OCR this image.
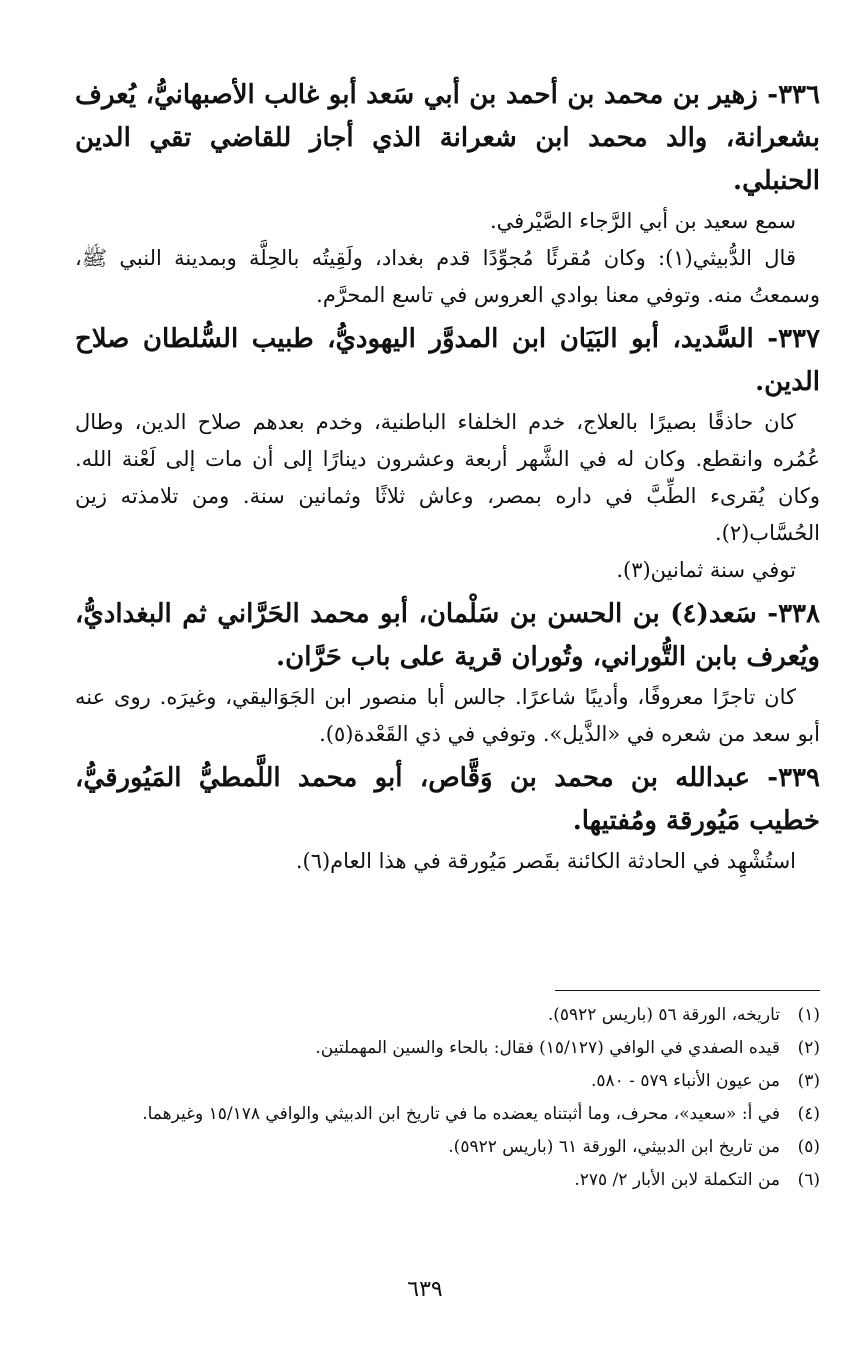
٣٣٦- زهير بن محمد بن أحمد بن أبي سَعد أبو غالب الأصبهانيُّ، يُعرف بشعرانة، والد محمد ابن شعرانة الذي أجاز للقاضي تقي الدين الحنبلي.

سمع سعيد بن أبي الرَّجاء الصَّيْرفي.

قال الدُّبيثي(١): وكان مُقرئًا مُجوِّدًا قدم بغداد، ولَقِيتُه بالحِلَّة وبمدينة النبي ﷺ، وسمعتُ منه. وتوفي معنا بوادي العروس في تاسع المحرَّم.

٣٣٧- السَّديد، أبو البَيَان ابن المدوَّر اليهوديُّ، طبيب السُّلطان صلاح الدين.

كان حاذقًا بصيرًا بالعلاج، خدم الخلفاء الباطنية، وخدم بعدهم صلاح الدين، وطال عُمُره وانقطع. وكان له في الشَّهر أربعة وعشرون دينارًا إلى أن مات إلى لَعْنة الله. وكان يُقرىء الطِّبَّ في داره بمصر، وعاش ثلاثًا وثمانين سنة. ومن تلامذته زين الحُسَّاب(٢).

توفي سنة ثمانين(٣).

٣٣٨- سَعد(٤) بن الحسن بن سَلْمان، أبو محمد الحَرَّاني ثم البغداديُّ، ويُعرف بابن التُّوراني، وتُوران قرية على باب حَرَّان.

كان تاجرًا معروفًا، وأديبًا شاعرًا. جالس أبا منصور ابن الجَوَاليقي، وغيرَه. روى عنه أبو سعد من شعره في «الذَّيل». وتوفي في ذي القَعْدة(٥).

٣٣٩- عبدالله بن محمد بن وَقَّاص، أبو محمد اللَّمطيُّ المَيُورقيُّ، خطيب مَيُورقة ومُفتيها.

استُشْهِد في الحادثة الكائنة بقَصر مَيُورقة في هذا العام(٦).

(١)
تاريخه، الورقة ٥٦ (باريس ٥٩٢٢).
(٢)
قيده الصفدي في الوافي (١٥/١٢٧) فقال: بالحاء والسين المهملتين.
(٣)
من عيون الأنباء ٥٧٩ - ٥٨٠.
(٤)
في أ: «سعيد»، محرف، وما أثبتناه يعضده ما في تاريخ ابن الدبيثي والوافي ١٥/١٧٨ وغيرهما.
(٥)
من تاريخ ابن الدبيثي، الورقة ٦١ (باريس ٥٩٢٢).
(٦)
من التكملة لابن الأبار ٢/ ٢٧٥.
٦٣٩
